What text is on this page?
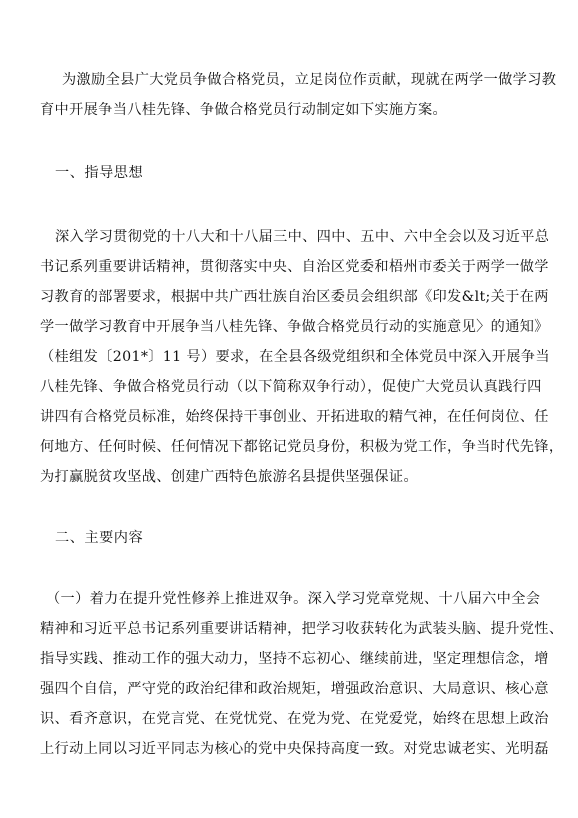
为激励全县广大党员争做合格党员，立足岗位作贡献，现就在两学一做学习教

育中开展争当八桂先锋、争做合格党员行动制定如下实施方案。

一、指导思想

深入学习贯彻党的十八大和十八届三中、四中、五中、六中全会以及习近平总

书记系列重要讲话精神，贯彻落实中央、自治区党委和梧州市委关于两学一做学

习教育的部署要求，根据中共广西壮族自治区委员会组织部《印发&lt;关于在两

学一做学习教育中开展争当八桂先锋、争做合格党员行动的实施意见〉的通知》

（桂组发〔201*〕11 号）要求，在全县各级党组织和全体党员中深入开展争当

八桂先锋、争做合格党员行动（以下简称双争行动），促使广大党员认真践行四

讲四有合格党员标准，始终保持干事创业、开拓进取的精气神，在任何岗位、任

何地方、任何时候、任何情况下都铭记党员身份，积极为党工作，争当时代先锋，

为打赢脱贫攻坚战、创建广西特色旅游名县提供坚强保证。

二、主要内容

（一）着力在提升党性修养上推进双争。深入学习党章党规、十八届六中全会

精神和习近平总书记系列重要讲话精神，把学习收获转化为武装头脑、提升党性、

指导实践、推动工作的强大动力，坚持不忘初心、继续前进，坚定理想信念，增

强四个自信，严守党的政治纪律和政治规矩，增强政治意识、大局意识、核心意

识、看齐意识，在党言党、在党忧党、在党为党、在党爱党，始终在思想上政治

上行动上同以习近平同志为核心的党中央保持高度一致。对党忠诚老实、光明磊
